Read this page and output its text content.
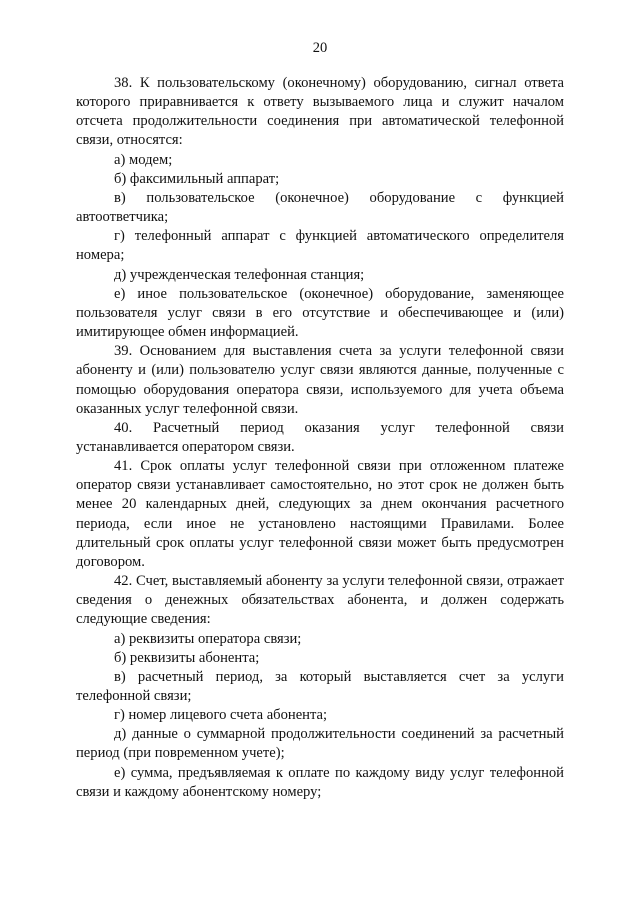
20

38. К пользовательскому (оконечному) оборудованию, сигнал ответа которого приравнивается к ответу вызываемого лица и служит началом отсчета продолжительности соединения при автоматической телефонной связи, относятся:

а) модем;

б) факсимильный аппарат;

в) пользовательское (оконечное) оборудование с функцией автоответчика;

г) телефонный аппарат с функцией автоматического определителя номера;

д) учрежденческая телефонная станция;

е) иное пользовательское (оконечное) оборудование, заменяющее пользователя услуг связи в его отсутствие и обеспечивающее и (или) имитирующее обмен информацией.

39. Основанием для выставления счета за услуги телефонной связи абоненту и (или) пользователю услуг связи являются данные, полученные с помощью оборудования оператора связи, используемого для учета объема оказанных услуг телефонной связи.

40. Расчетный период оказания услуг телефонной связи устанавливается оператором связи.

41. Срок оплаты услуг телефонной связи при отложенном платеже оператор связи устанавливает самостоятельно, но этот срок не должен быть менее 20 календарных дней, следующих за днем окончания расчетного периода, если иное не установлено настоящими Правилами. Более длительный срок оплаты услуг телефонной связи может быть предусмотрен договором.

42. Счет, выставляемый абоненту за услуги телефонной связи, отражает сведения о денежных обязательствах абонента, и должен содержать следующие сведения:

а) реквизиты оператора связи;

б) реквизиты абонента;

в) расчетный период, за который выставляется счет за услуги телефонной связи;

г) номер лицевого счета абонента;

д) данные о суммарной продолжительности соединений за расчетный период (при повременном учете);

е) сумма, предъявляемая к оплате по каждому виду услуг телефонной связи и каждому абонентскому номеру;
